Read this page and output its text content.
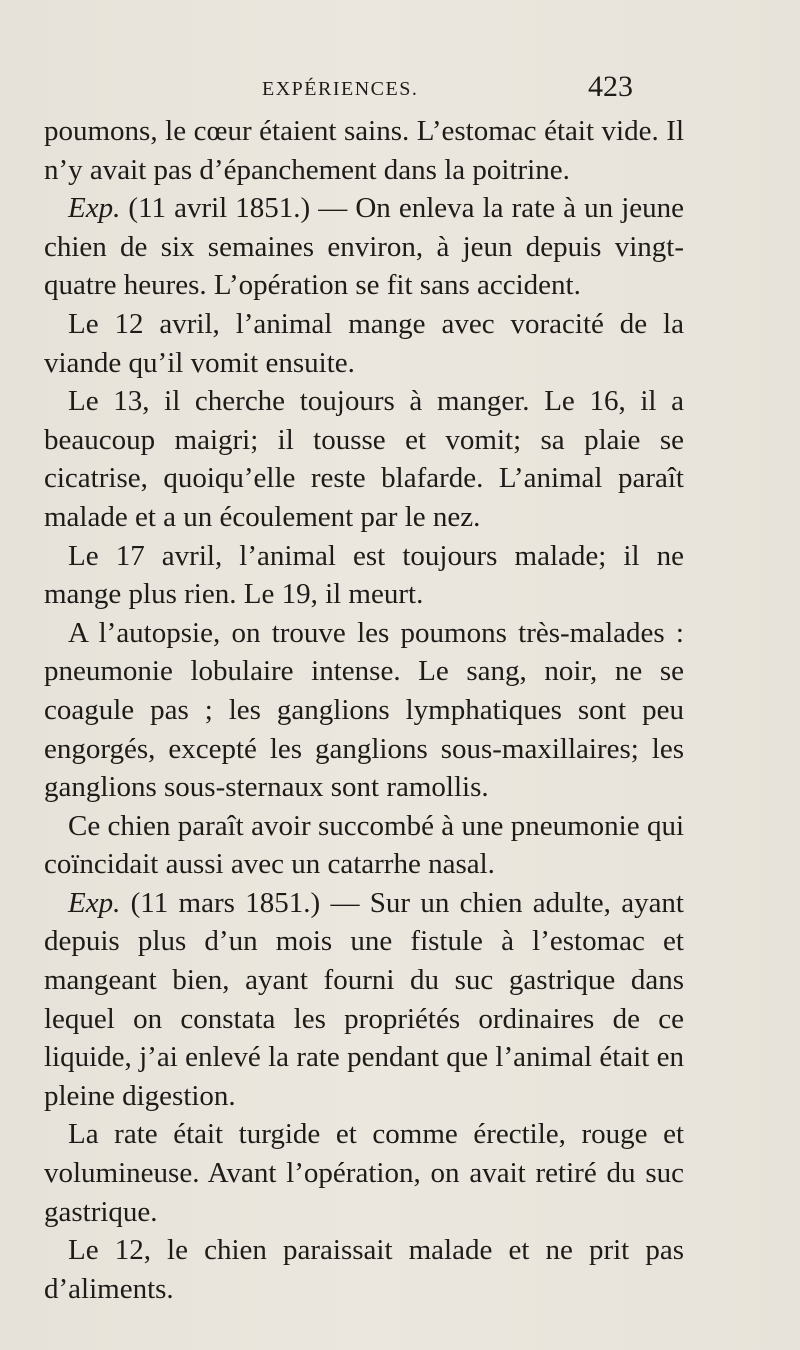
EXPÉRIENCES.	423

poumons, le cœur étaient sains. L’estomac était vide. Il n’y avait pas d’épanchement dans la poitrine.

Exp. (11 avril 1851.) — On enleva la rate à un jeune chien de six semaines environ, à jeun depuis vingt-quatre heures. L’opération se fit sans accident.

Le 12 avril, l’animal mange avec voracité de la viande qu’il vomit ensuite.

Le 13, il cherche toujours à manger. Le 16, il a beaucoup maigri; il tousse et vomit; sa plaie se cicatrise, quoiqu’elle reste blafarde. L’animal paraît malade et a un écoulement par le nez.

Le 17 avril, l’animal est toujours malade; il ne mange plus rien. Le 19, il meurt.

A l’autopsie, on trouve les poumons très-malades : pneumonie lobulaire intense. Le sang, noir, ne se coagule pas ; les ganglions lymphatiques sont peu engorgés, excepté les ganglions sous-maxillaires; les ganglions sous-sternaux sont ramollis.

Ce chien paraît avoir succombé à une pneumonie qui coïncidait aussi avec un catarrhe nasal.

Exp. (11 mars 1851.) — Sur un chien adulte, ayant depuis plus d’un mois une fistule à l’estomac et mangeant bien, ayant fourni du suc gastrique dans lequel on constata les propriétés ordinaires de ce liquide, j’ai enlevé la rate pendant que l’animal était en pleine digestion.

La rate était turgide et comme érectile, rouge et volumineuse. Avant l’opération, on avait retiré du suc gastrique.

Le 12, le chien paraissait malade et ne prit pas d’aliments.
